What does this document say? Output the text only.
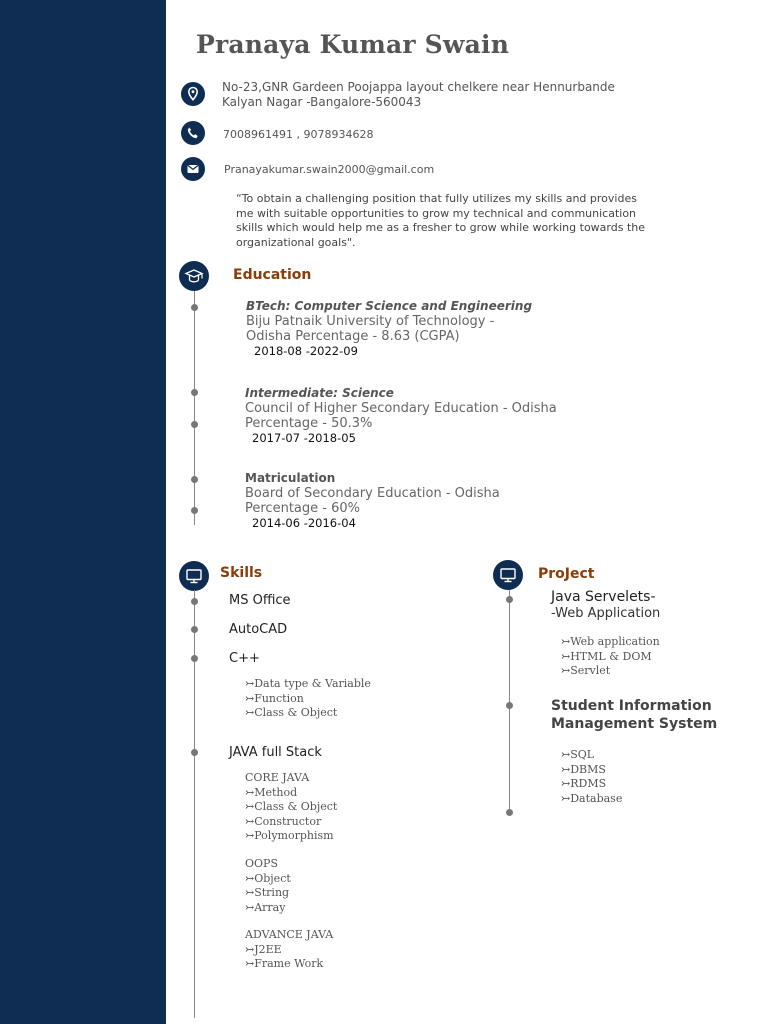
Pranaya Kumar Swain
No-23,GNR Gardeen Poojappa layout chelkere near Hennurbande
Kalyan Nagar -Bangalore-560043
7008961491 , 9078934628
Pranayakumar.swain2000@gmail.com
“To obtain a challenging position that fully utilizes my skills and provides me with suitable opportunities to grow my technical and communication skills which would help me as a fresher to grow while working towards the organizational goals".
Education
BTech: Computer Science and Engineering
Biju Patnaik University of Technology -
Odisha Percentage - 8.63 (CGPA)
2018-08 -2022-09
Intermediate: Science
Council of Higher Secondary Education - Odisha
Percentage - 50.3%
2017-07 -2018-05
Matriculation
Board of Secondary Education - Odisha
Percentage - 60%
2014-06 -2016-04
Skills
MS Office
AutoCAD
C++
↣Data type & Variable
↣Function
↣Class & Object
JAVA full Stack
CORE JAVA
↣Method
↣Class & Object
↣Constructor
↣Polymorphism
OOPS
↣Object
↣String
↣Array
ADVANCE JAVA
↣J2EE
↣Frame Work
ProJect
Java Servelets-
-Web Application
↣Web application
↣HTML & DOM
↣Servlet
Student Information
Management System
↣SQL
↣DBMS
↣RDMS
↣Database
